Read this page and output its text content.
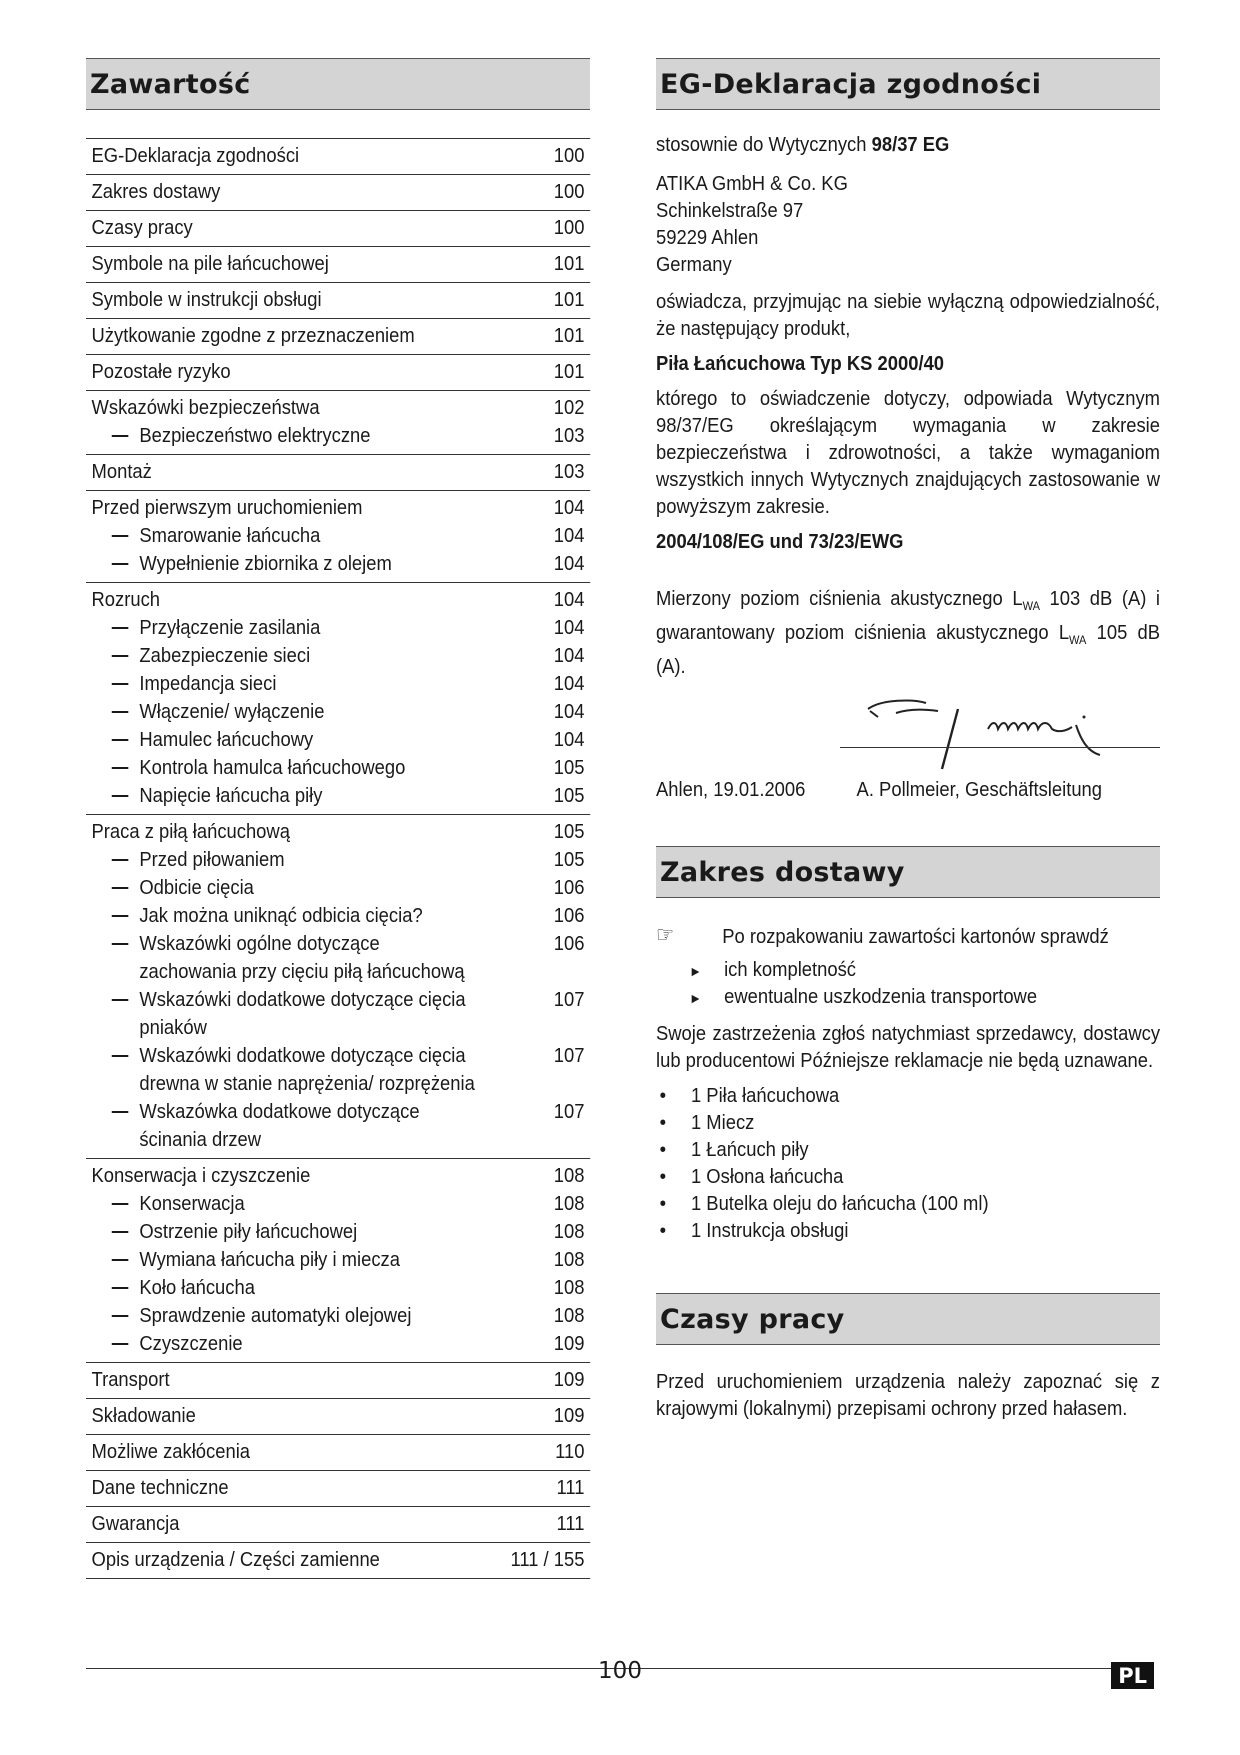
Zawartość
EG-Deklaracja zgodności	100
Zakres dostawy	100
Czasy pracy	100
Symbole na pile łańcuchowej	101
Symbole w instrukcji obsługi	101
Użytkowanie zgodne z przeznaczeniem	101
Pozostałe ryzyko	101
Wskazówki bezpieczeństwa	102
Bezpieczeństwo elektryczne	103
Montaż	103
Przed pierwszym uruchomieniem	104
Smarowanie łańcucha	104
Wypełnienie zbiornika z olejem	104
Rozruch	104
Przyłączenie zasilania	104
Zabezpieczenie sieci	104
Impedancja sieci	104
Włączenie/ wyłączenie	104
Hamulec łańcuchowy	104
Kontrola hamulca łańcuchowego	105
Napięcie łańcucha piły	105
Praca z piłą łańcuchową	105
Przed piłowaniem	105
Odbicie cięcia	106
Jak można uniknąć odbicia cięcia?	106
Wskazówki ogólne dotyczące	106
zachowania przy cięciu piłą łańcuchową
Wskazówki dodatkowe dotyczące cięcia	107
pniaków
Wskazówki dodatkowe dotyczące cięcia	107
drewna w stanie naprężenia/ rozprężenia
Wskazówka dodatkowe dotyczące	107
ścinania drzew
Konserwacja i czyszczenie	108
Konserwacja	108
Ostrzenie piły łańcuchowej	108
Wymiana łańcucha piły i miecza	108
Koło łańcucha	108
Sprawdzenie automatyki olejowej	108
Czyszczenie	109
Transport	109
Składowanie	109
Możliwe zakłócenia	110
Dane techniczne	111
Gwarancja	111
Opis urządzenia / Części zamienne	111 / 155
EG-Deklaracja zgodności

stosownie do Wytycznych 98/37 EG

ATIKA GmbH & Co. KG
Schinkelstraße 97
59229 Ahlen
Germany

oświadcza, przyjmując na siebie wyłączną odpowiedzialność, że następujący produkt,

Piła Łańcuchowa Typ KS 2000/40

którego to oświadczenie dotyczy, odpowiada Wytycznym 98/37/EG określającym wymagania w zakresie bezpieczeństwa i zdrowotności, a także wymaganiom wszystkich innych Wytycznych znajdujących zastosowanie w powyższym zakresie.

2004/108/EG und 73/23/EWG

Mierzony poziom ciśnienia akustycznego $L_{WA}$ 103 dB (A) i gwarantowany poziom ciśnienia akustycznego $L_{WA}$ 105 dB (A).

Ahlen, 19.01.2006	A. Pollmeier, Geschäftsleitung
Zakres dostawy
☞	Po rozpakowaniu zawartości kartonów sprawdź
► ich kompletność
► ewentualne uszkodzenia transportowe

Swoje zastrzeżenia zgłoś natychmiast sprzedawcy, dostawcy lub producentowi Późniejsze reklamacje nie będą uznawane.

• 1 Piła łańcuchowa
• 1 Miecz
• 1 Łańcuch piły
• 1 Osłona łańcucha
• 1 Butelka oleju do łańcucha (100 ml)
• 1 Instrukcja obsługi
Czasy pracy

Przed uruchomieniem urządzenia należy zapoznać się z krajowymi (lokalnymi) przepisami ochrony przed hałasem.

100	PL
